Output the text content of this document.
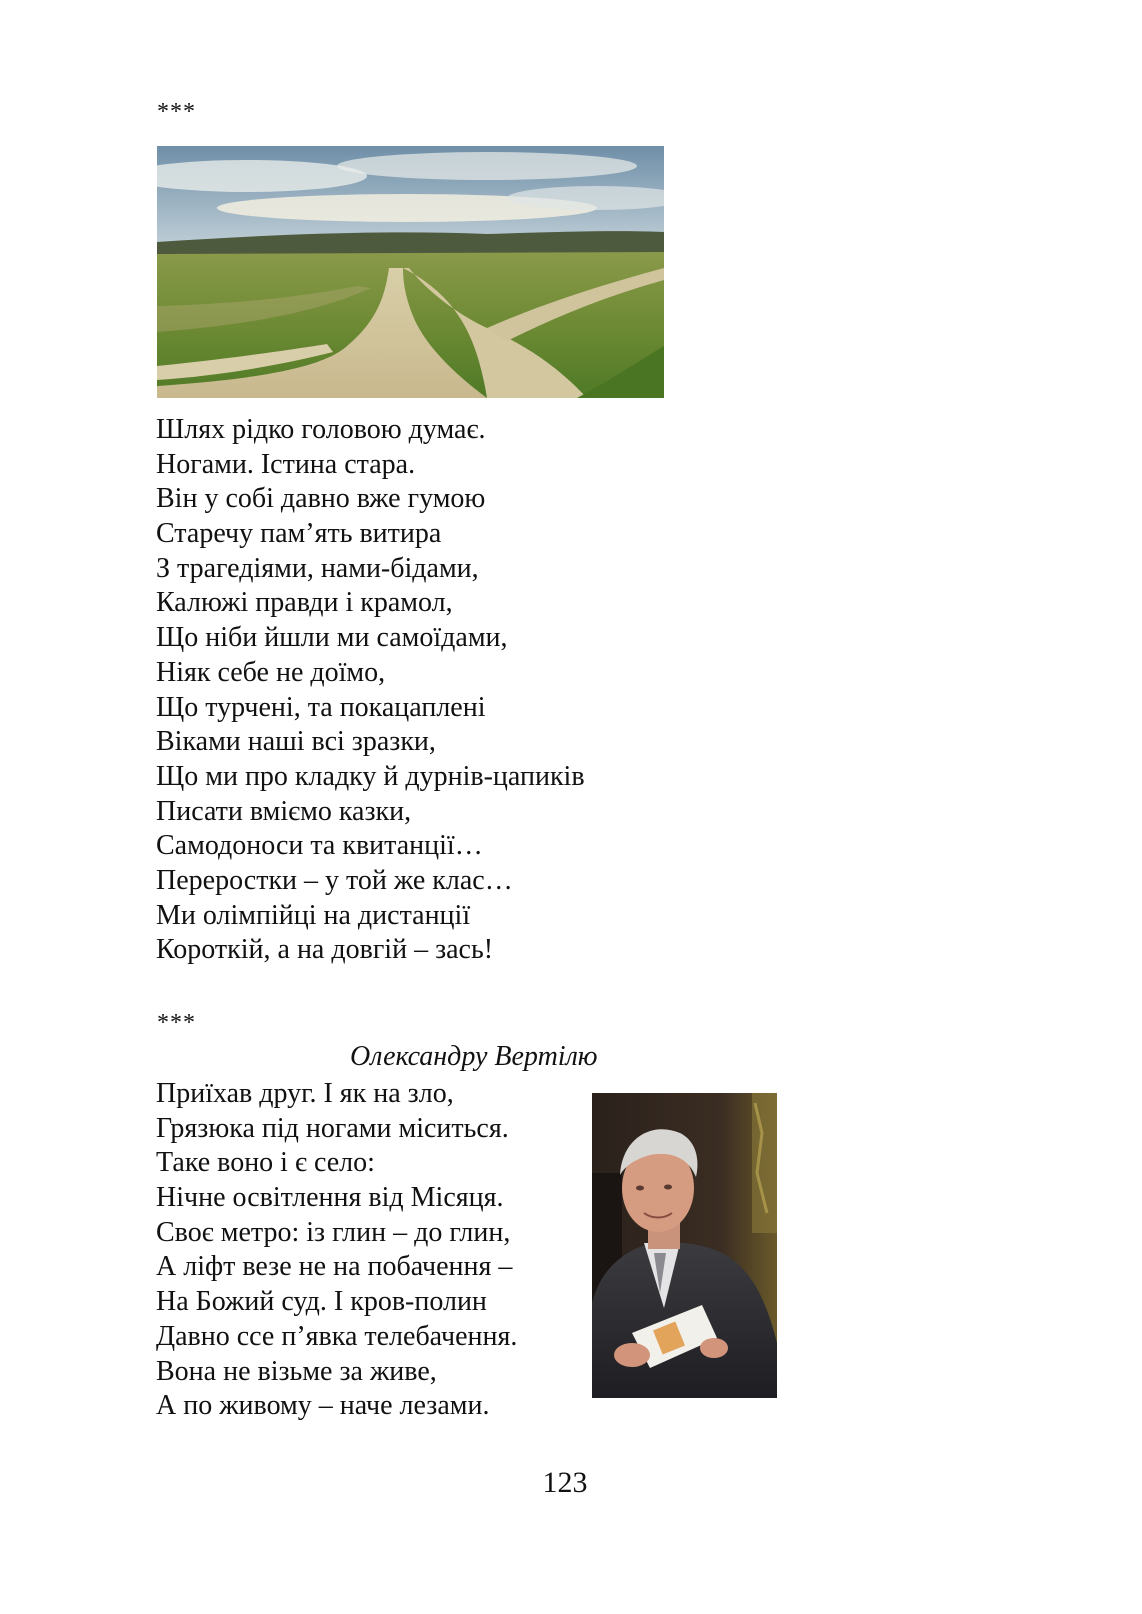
***
Шлях рідко головою думає.
Ногами. Істина стара.
Він у собі давно вже гумою
Старечу пам’ять витира
З трагедіями, нами-бідами,
Калюжі правди і крамол,
Що ніби йшли ми самоїдами,
Ніяк себе не доїмо,
Що турчені, та покацаплені
Віками наші всі зразки,
Що ми про кладку й дурнів-цапиків
Писати вміємо казки,
Самодоноси та квитанції…
Переростки – у той же клас…
Ми олімпійці на дистанції
Короткій, а на довгій – зась!
***
Олександру Вертілю
Приїхав друг. І як на зло,
Грязюка під ногами міситься.
Таке воно і є село:
Нічне освітлення від Місяця.
Своє метро: із глин – до глин,
А ліфт везе не на побачення –
На Божий суд. І кров-полин
Давно ссе п’явка телебачення.
Вона не візьме за живе,
А по живому – наче лезами.
123
